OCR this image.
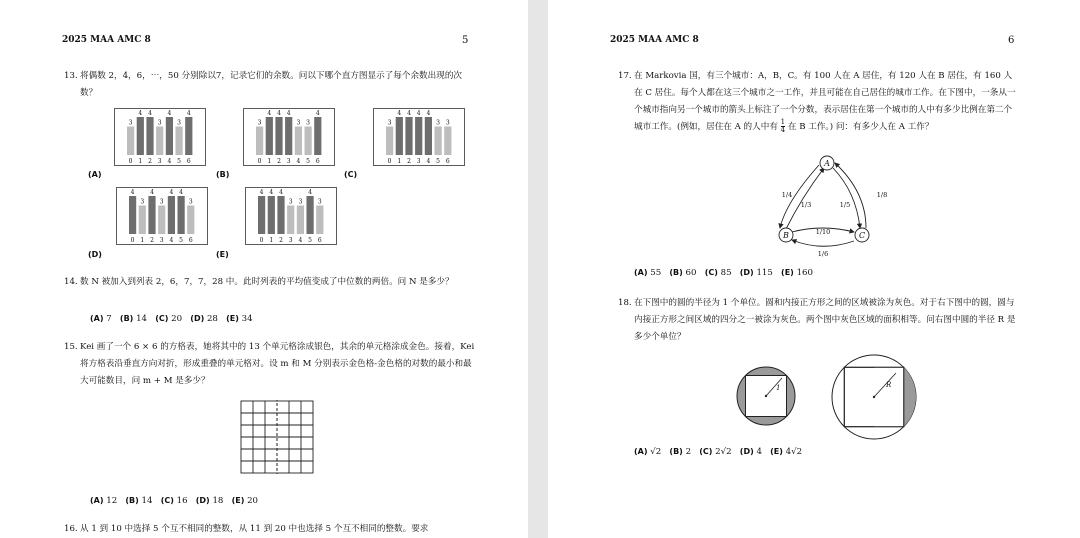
2025 MAA AMC 8	5
13. 将偶数 2，4，6，⋯，50 分别除以7，记录它们的余数。问以下哪个直方图显示了每个余数出现的次数？
3
0
4
1
4
2
3
3
4
4
3
5
4
6
3
0
4
1
4
2
4
3
3
4
3
5
4
6
3
0
4
1
4
2
4
3
4
4
3
5
3
6
4
0
3
1
4
2
3
3
4
4
4
5
3
6
4
0
4
1
4
2
3
3
3
4
4
5
3
6
(A)	(B)	(C)
(D)	(E)
14. 数 N 被加入到列表 2，6，7，7，28 中。此时列表的平均值变成了中位数的两倍。问 N 是多少？
(A) 7 (B) 14 (C) 20 (D) 28 (E) 34
15. Kei 画了一个 6 × 6 的方格表，她将其中的 13 个单元格涂成银色，其余的单元格涂成金色。接着，Kei 将方格表沿垂直方向对折，形成重叠的单元格对。设 m 和 M 分别表示金色格-金色格的对数的最小和最大可能数目，问 m + M 是多少？
(A) 12 (B) 14 (C) 16 (D) 18 (E) 20
16. 从 1 到 10 中选择 5 个互不相同的整数，从 11 到 20 中也选择 5 个互不相同的整数。要求
2025 MAA AMC 8	6
17. 在 Markovia 国，有三个城市：A，B，C。有 100 人在 A 居住，有 120 人在 B 居住，有 160 人在 C 居住。每个人都在这三个城市之一工作，并且可能在自己居住的城市工作。在下图中，一条从一个城市指向另一个城市的箭头上标注了一个分数，表示居住在第一个城市的人中有多少比例在第二个城市工作。(例如，居住在 A 的人中有 $\frac{1}{4}$ 在 B 工作。) 问：有多少人在 A 工作？
A
B	C
1/4
1/3
1/8
1/5
1/10
1/6
(A) 55 (B) 60 (C) 85 (D) 115 (E) 160
18. 在下图中的圆的半径为 1 个单位。圆和内接正方形之间的区域被涂为灰色。对于右下图中的圆，圆与内接正方形之间区域的四分之一被涂为灰色。两个图中灰色区域的面积相等。问右图中圆的半径 R 是多少个单位？
1	R
(A) √2 (B) 2 (C) 2√2 (D) 4 (E) 4√2
